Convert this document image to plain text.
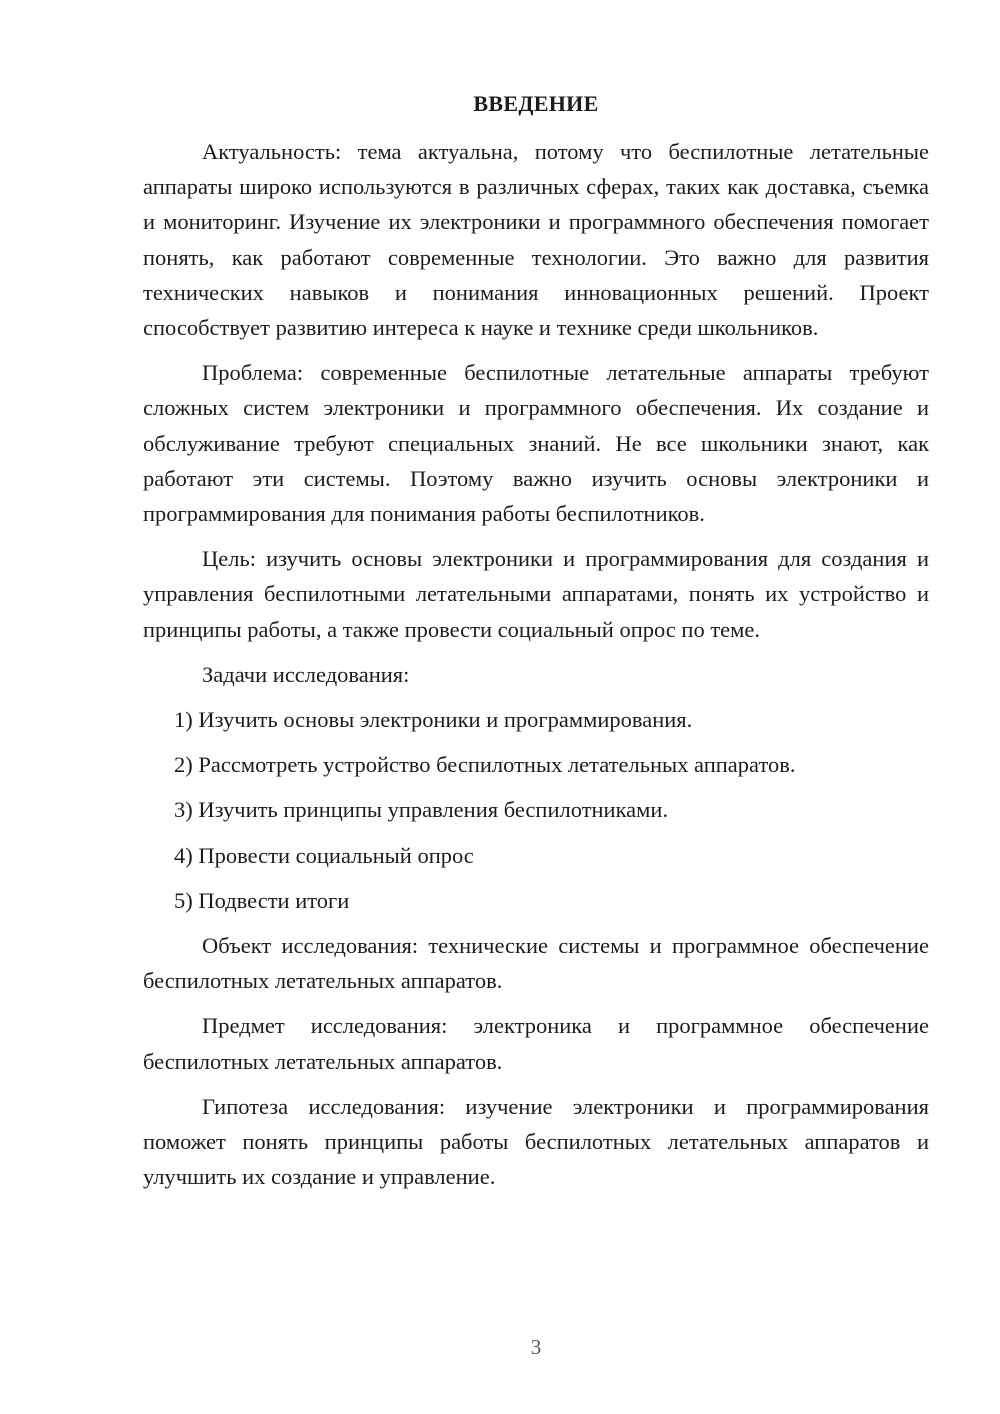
ВВЕДЕНИЕ

Актуальность: тема актуальна, потому что беспилотные летательные аппараты широко используются в различных сферах, таких как доставка, съемка и мониторинг. Изучение их электроники и программного обеспечения помогает понять, как работают современные технологии. Это важно для развития технических навыков и понимания инновационных решений. Проект способствует развитию интереса к науке и технике среди школьников.

Проблема: современные беспилотные летательные аппараты требуют сложных систем электроники и программного обеспечения. Их создание и обслуживание требуют специальных знаний. Не все школьники знают, как работают эти системы. Поэтому важно изучить основы электроники и программирования для понимания работы беспилотников.

Цель: изучить основы электроники и программирования для создания и управления беспилотными летательными аппаратами, понять их устройство и принципы работы, а также провести социальный опрос по теме.

Задачи исследования:
1) Изучить основы электроники и программирования.
2) Рассмотреть устройство беспилотных летательных аппаратов.
3) Изучить принципы управления беспилотниками.
4) Провести социальный опрос
5) Подвести итоги

Объект исследования: технические системы и программное обеспечение беспилотных летательных аппаратов.

Предмет исследования: электроника и программное обеспечение беспилотных летательных аппаратов.

Гипотеза исследования: изучение электроники и программирования поможет понять принципы работы беспилотных летательных аппаратов и улучшить их создание и управление.

3
